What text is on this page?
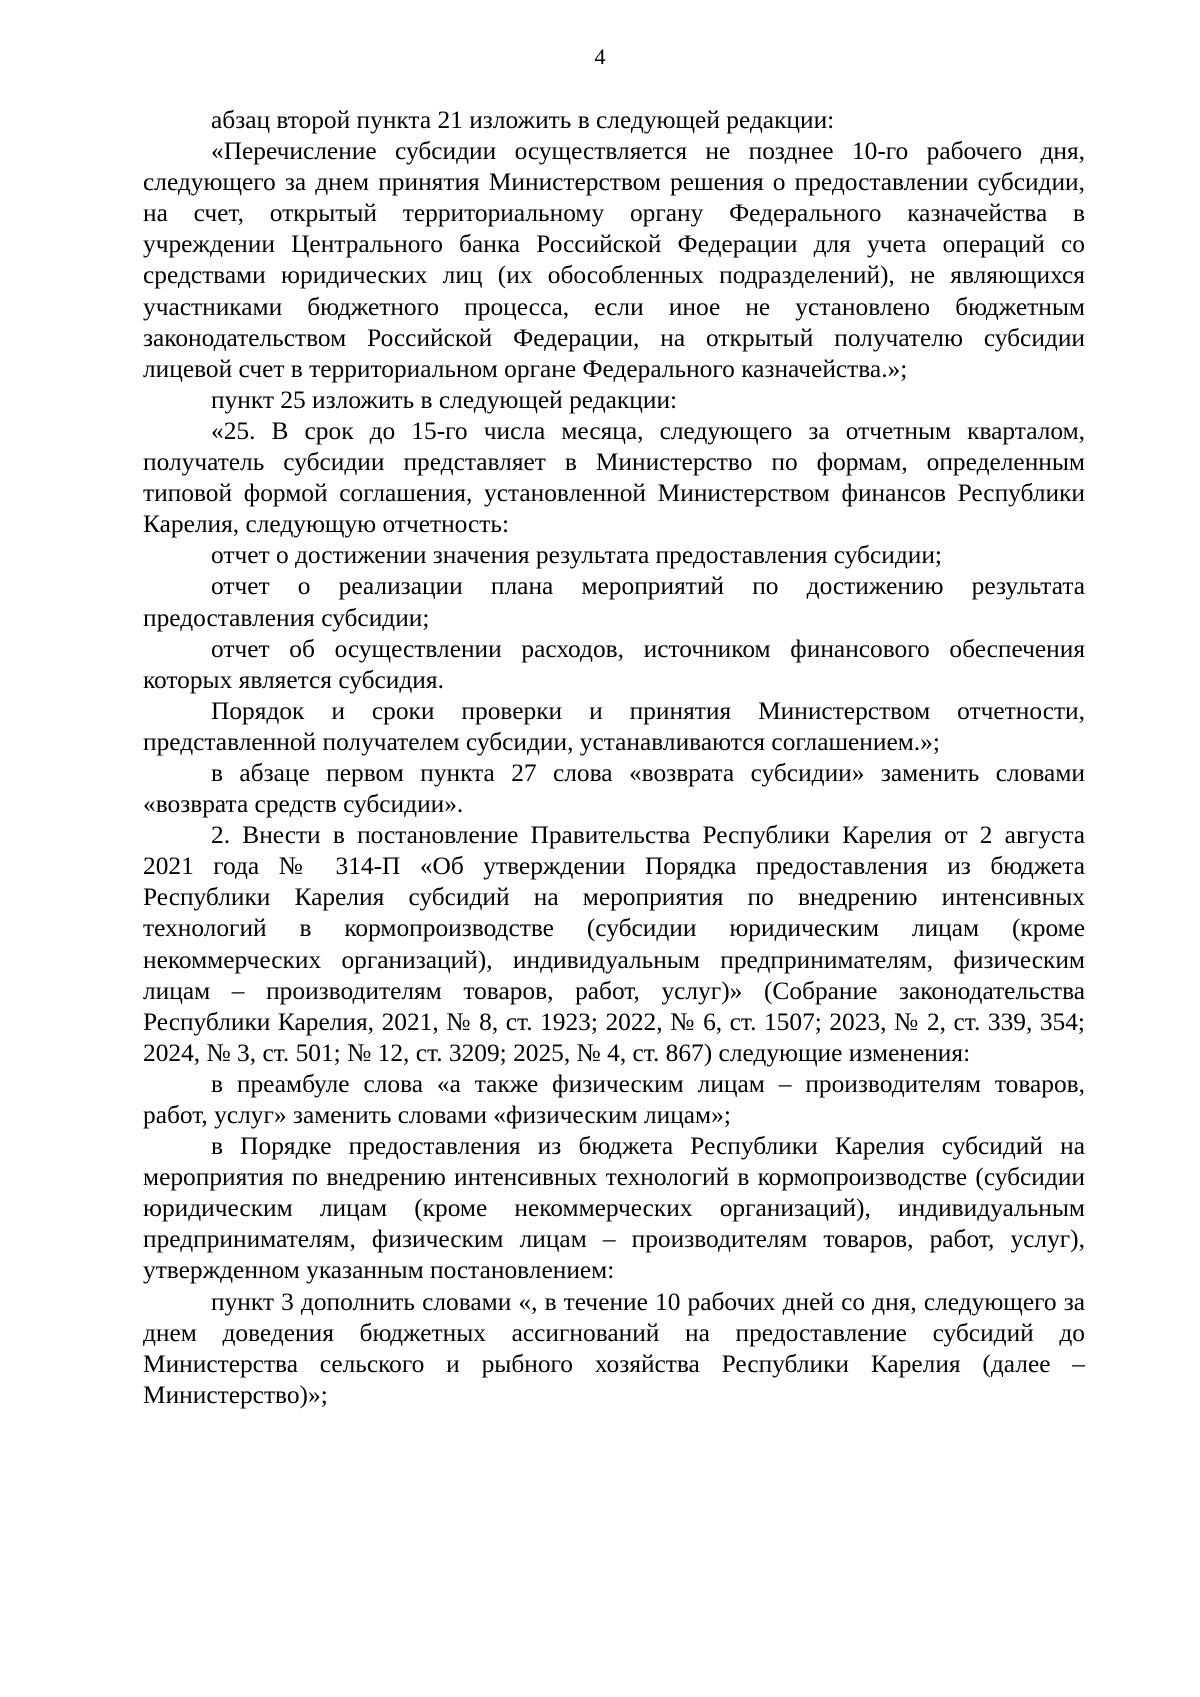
4

абзац второй пункта 21 изложить в следующей редакции:

«Перечисление субсидии осуществляется не позднее 10-го рабочего дня, следующего за днем принятия Министерством решения о предоставлении субсидии, на счет, открытый территориальному органу Федерального казначейства в учреждении Центрального банка Российской Федерации для учета операций со средствами юридических лиц (их обособленных подразделений), не являющихся участниками бюджетного процесса, если иное не установлено бюджетным законодательством Российской Федерации, на открытый получателю субсидии лицевой счет в территориальном органе Федерального казначейства.»;

пункт 25 изложить в следующей редакции:

«25. В срок до 15-го числа месяца, следующего за отчетным кварталом, получатель субсидии представляет в Министерство по формам, определенным типовой формой соглашения, установленной Министерством финансов Республики Карелия, следующую отчетность:

отчет о достижении значения результата предоставления субсидии;

отчет о реализации плана мероприятий по достижению результата предоставления субсидии;

отчет об осуществлении расходов, источником финансового обеспечения которых является субсидия.

Порядок и сроки проверки и принятия Министерством отчетности, представленной получателем субсидии, устанавливаются соглашением.»;

в абзаце первом пункта 27 слова «возврата субсидии» заменить словами «возврата средств субсидии».

2. Внести в постановление Правительства Республики Карелия от 2 августа 2021 года № 314-П «Об утверждении Порядка предоставления из бюджета Республики Карелия субсидий на мероприятия по внедрению интенсивных технологий в кормопроизводстве (субсидии юридическим лицам (кроме некоммерческих организаций), индивидуальным предпринимателям, физическим лицам – производителям товаров, работ, услуг)» (Собрание законодательства Республики Карелия, 2021, № 8, ст. 1923; 2022, № 6, ст. 1507; 2023, № 2, ст. 339, 354; 2024, № 3, ст. 501; № 12, ст. 3209; 2025, № 4, ст. 867) следующие изменения:

в преамбуле слова «а также физическим лицам – производителям товаров, работ, услуг» заменить словами «физическим лицам»;

в Порядке предоставления из бюджета Республики Карелия субсидий на мероприятия по внедрению интенсивных технологий в кормопроизводстве (субсидии юридическим лицам (кроме некоммерческих организаций), индивидуальным предпринимателям, физическим лицам – производителям товаров, работ, услуг), утвержденном указанным постановлением:

пункт 3 дополнить словами «, в течение 10 рабочих дней со дня, следующего за днем доведения бюджетных ассигнований на предоставление субсидий до Министерства сельского и рыбного хозяйства Республики Карелия (далее – Министерство)»;
